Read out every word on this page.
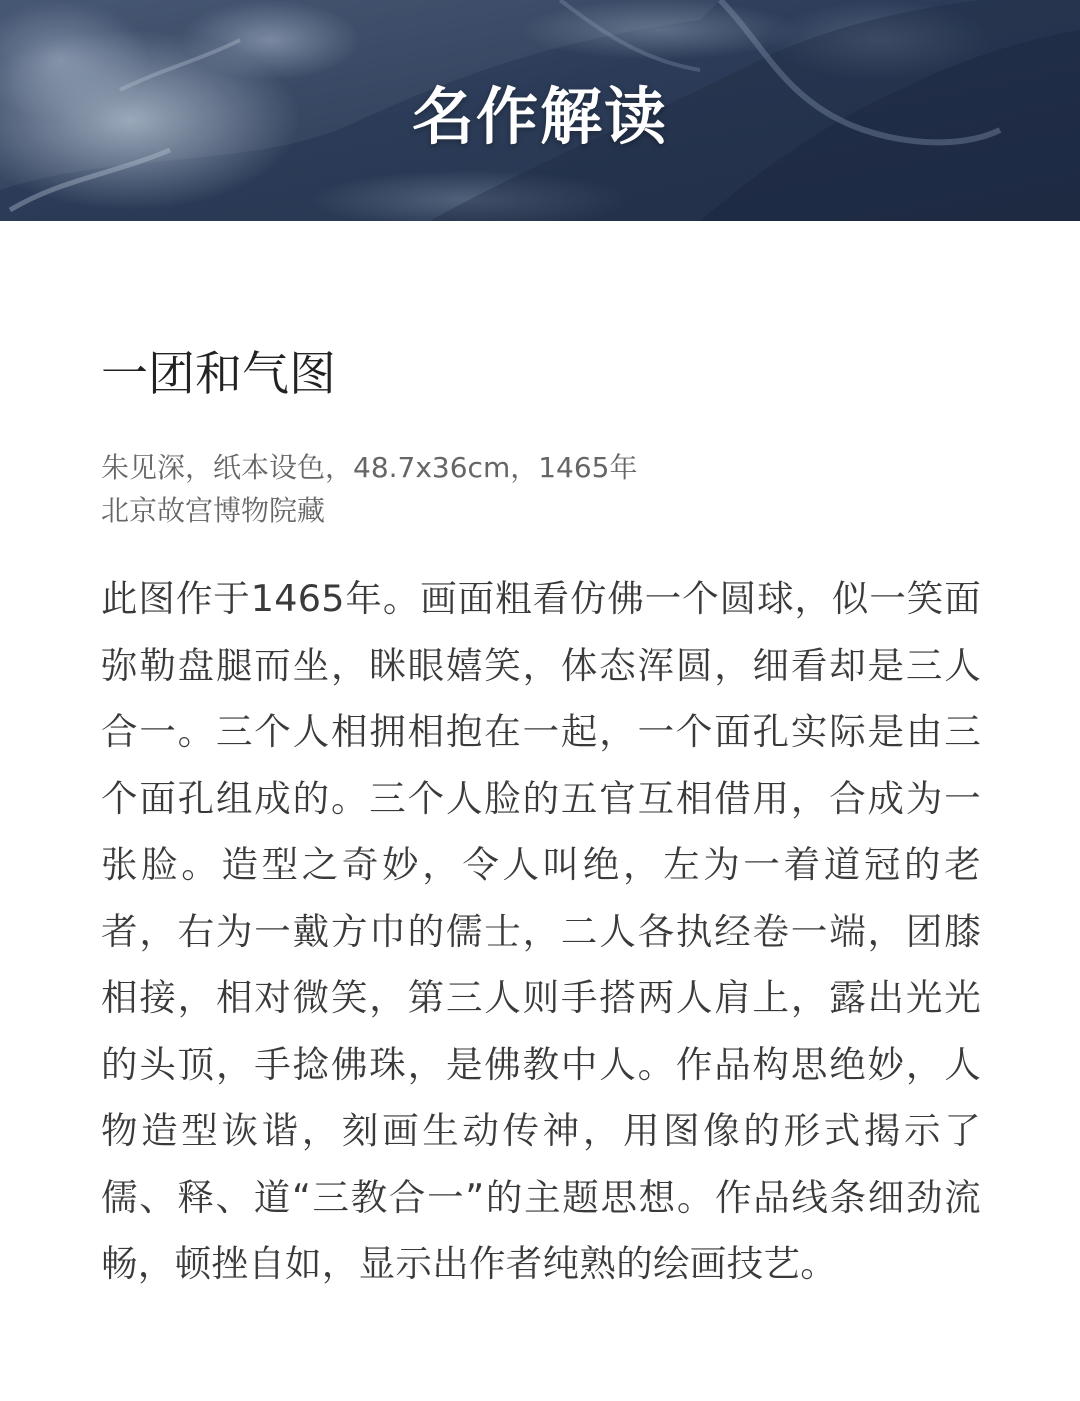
名作解读
一团和气图
朱见深，纸本设色，48.7x36cm，1465年
北京故宫博物院藏

此图作于1465年。画面粗看仿佛一个圆球，似一笑面弥勒盘腿而坐，眯眼嬉笑，体态浑圆，细看却是三人合一。三个人相拥相抱在一起，一个面孔实际是由三个面孔组成的。三个人脸的五官互相借用，合成为一张脸。造型之奇妙，令人叫绝，左为一着道冠的老者，右为一戴方巾的儒士，二人各执经卷一端，团膝相接，相对微笑，第三人则手搭两人肩上，露出光光的头顶，手捻佛珠，是佛教中人。作品构思绝妙，人物造型诙谐，刻画生动传神，用图像的形式揭示了儒、释、道“三教合一”的主题思想。作品线条细劲流畅，顿挫自如，显示出作者纯熟的绘画技艺。
